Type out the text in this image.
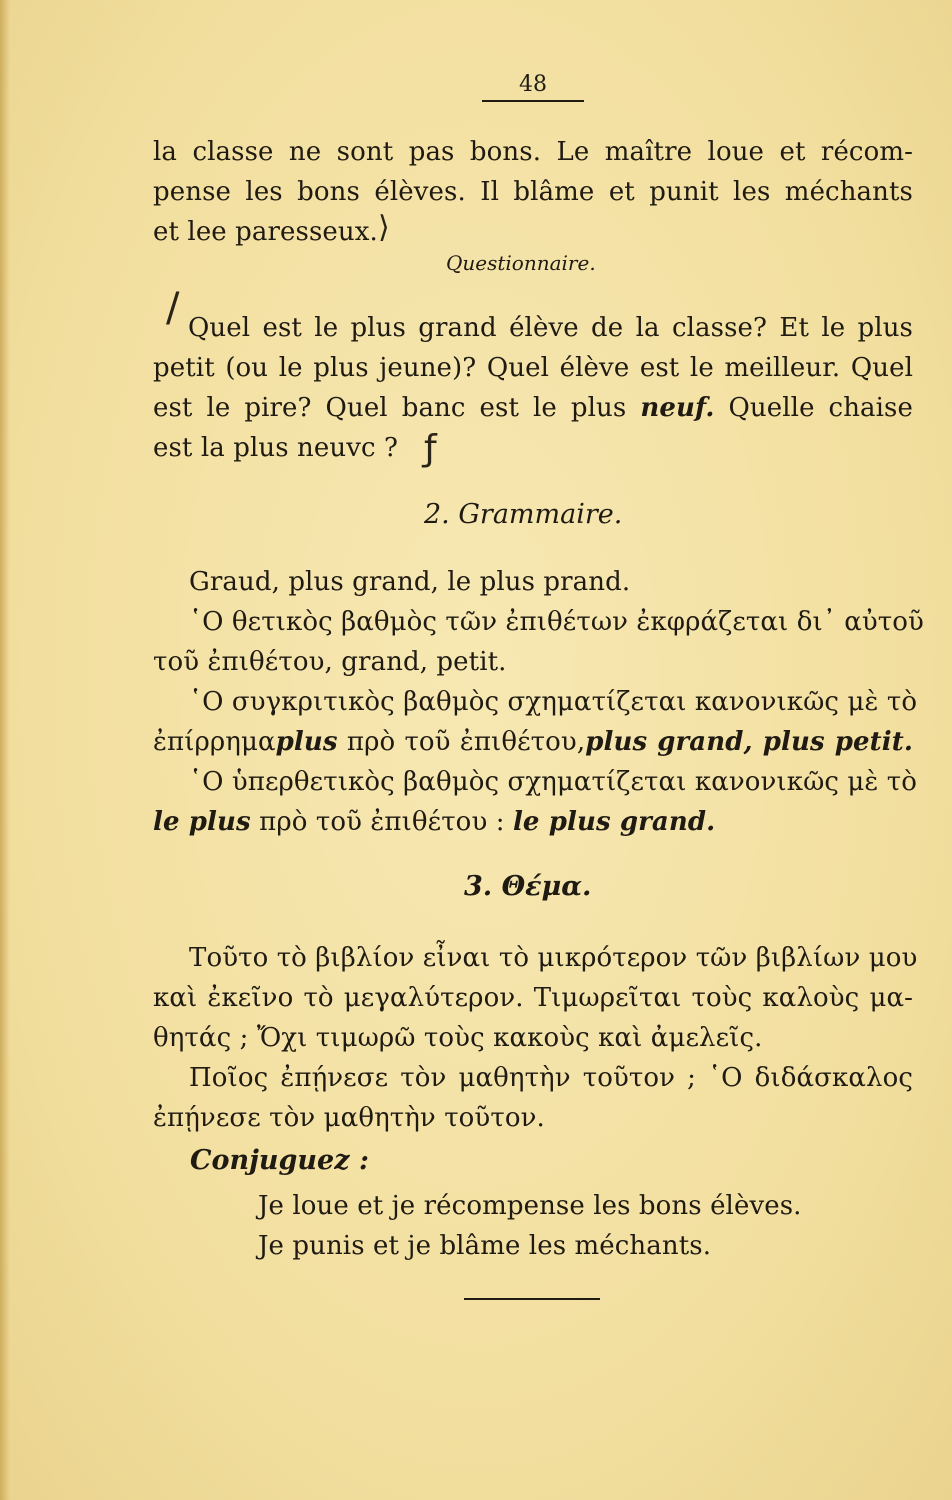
48
la classe ne sont pas bons. Le maître loue et récom-
pense les bons élèves. Il blâme et punit les méchants
et lee paresseux. ⟩
Questionnaire.
/ Quel est le plus grand élève de la classe? Et le plus
petit (ou le plus jeune)? Quel élève est le meilleur. Quel
est le pire? Quel banc est le plus neuf. Quelle chaise
est la plus neuvc ? ƒ
2. Grammaire.
Graud, plus grand, le plus prand.
῾Ο θετικὸς βαθμὸς τῶν ἐπιθέτων ἐκφράζεται δι᾽ αὐτοῦ
τοῦ ἐπιθέτου, grand, petit.
῾Ο συγκριτικὸς βαθμὸς σχηματίζεται κανονικῶς μὲ τὸ
ἐπίρρημαplus πρὸ τοῦ ἐπιθέτου,plus grand, plus petit.
῾Ο ὑπερθετικὸς βαθμὸς σχηματίζεται κανονικῶς μὲ τὸ
le plus πρὸ τοῦ ἐπιθέτου : le plus grand.
3. Θέμα.
Τοῦτο τὸ βιβλίον εἶναι τὸ μικρότερον τῶν βιβλίων μου
καὶ ἐκεῖνο τὸ μεγαλύτερον. Τιμωρεῖται τοὺς καλοὺς μα-
θητάς ; Ὄχι τιμωρῶ τοὺς κακοὺς καὶ ἀμελεῖς.
Ποῖος ἐπῄνεσε τὸν μαθητὴν τοῦτον ; ῾Ο διδάσκαλος
ἐπῄνεσε τὸν μαθητὴν τοῦτον.
Conjuguez :
Je loue et je récompense les bons élèves.
Je punis et je blâme les méchants.
